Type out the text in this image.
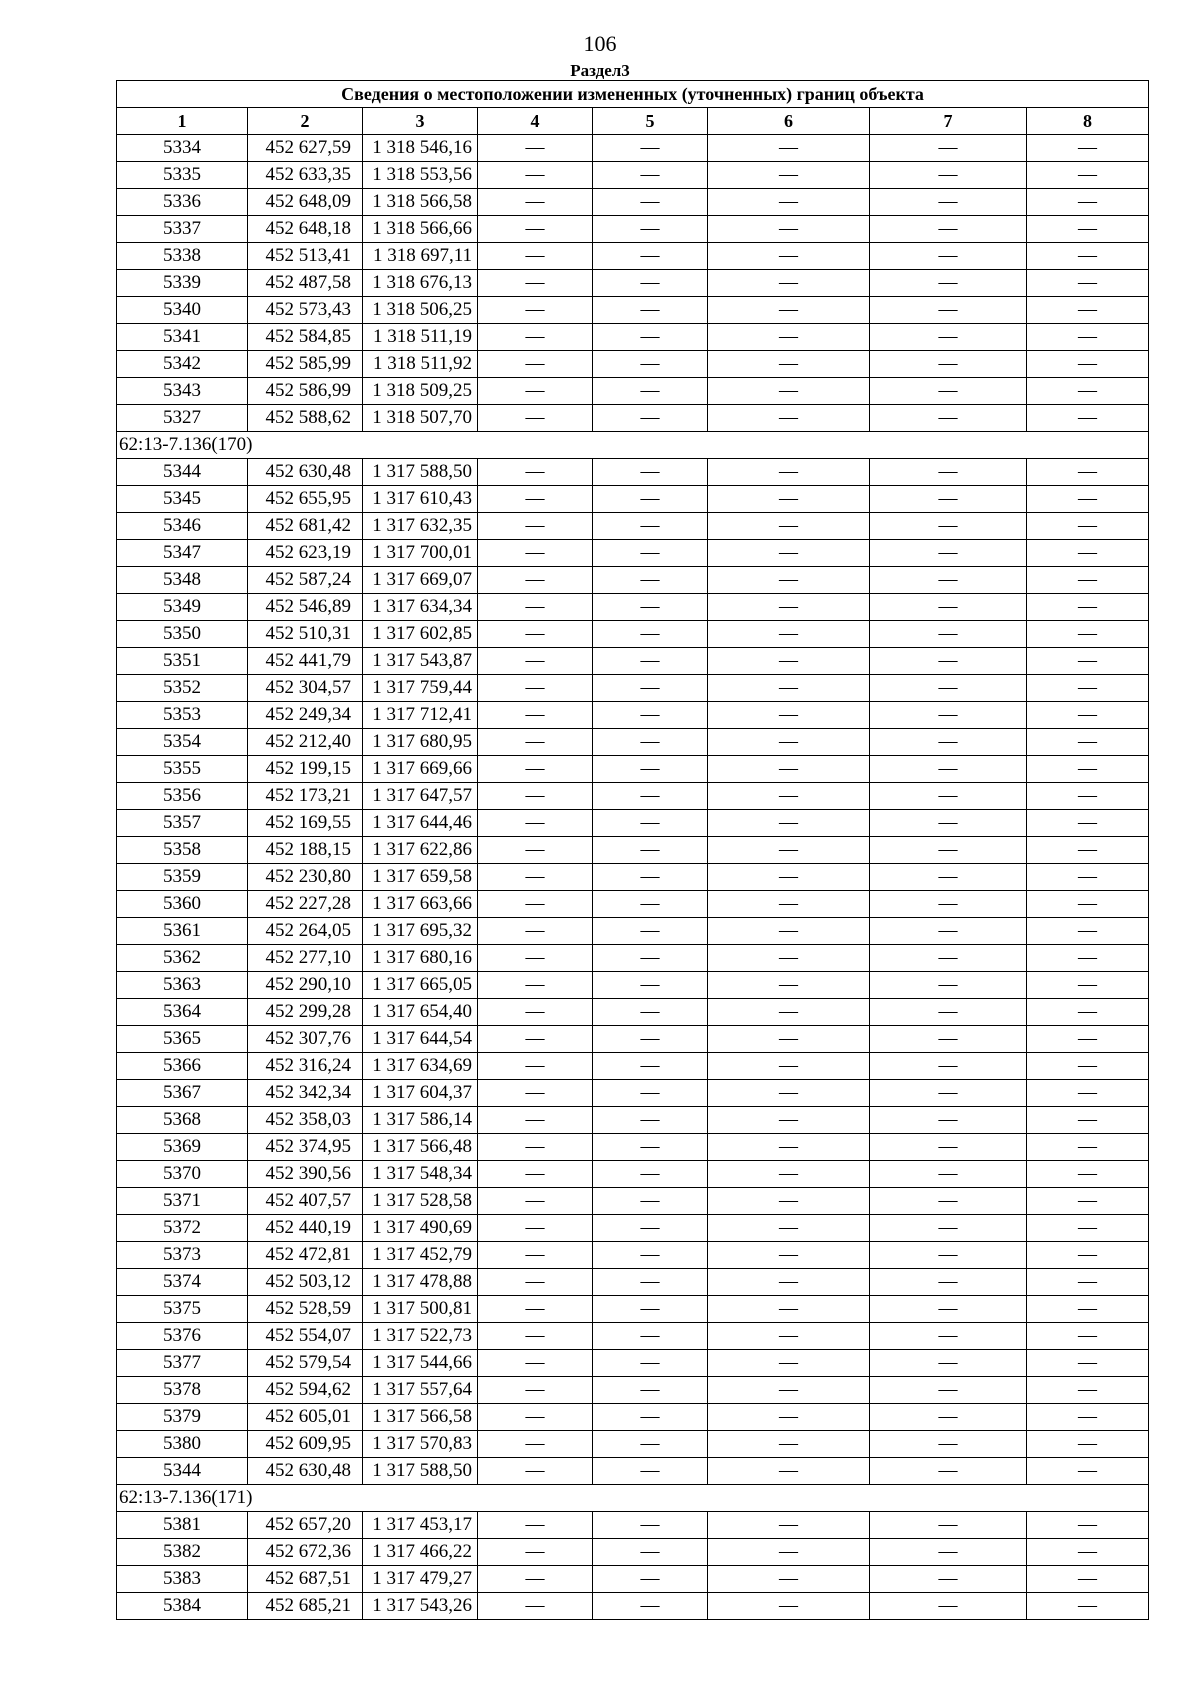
106
Раздел3
Сведения о местоположении измененных (уточненных) границ объекта							
1	2	3	4	5	6	7	8
5334	452 627,59	1 318 546,16	—	—	—	—	—
5335	452 633,35	1 318 553,56	—	—	—	—	—
5336	452 648,09	1 318 566,58	—	—	—	—	—
5337	452 648,18	1 318 566,66	—	—	—	—	—
5338	452 513,41	1 318 697,11	—	—	—	—	—
5339	452 487,58	1 318 676,13	—	—	—	—	—
5340	452 573,43	1 318 506,25	—	—	—	—	—
5341	452 584,85	1 318 511,19	—	—	—	—	—
5342	452 585,99	1 318 511,92	—	—	—	—	—
5343	452 586,99	1 318 509,25	—	—	—	—	—
5327	452 588,62	1 318 507,70	—	—	—	—	—
62:13-7.136(170)							
5344	452 630,48	1 317 588,50	—	—	—	—	—
5345	452 655,95	1 317 610,43	—	—	—	—	—
5346	452 681,42	1 317 632,35	—	—	—	—	—
5347	452 623,19	1 317 700,01	—	—	—	—	—
5348	452 587,24	1 317 669,07	—	—	—	—	—
5349	452 546,89	1 317 634,34	—	—	—	—	—
5350	452 510,31	1 317 602,85	—	—	—	—	—
5351	452 441,79	1 317 543,87	—	—	—	—	—
5352	452 304,57	1 317 759,44	—	—	—	—	—
5353	452 249,34	1 317 712,41	—	—	—	—	—
5354	452 212,40	1 317 680,95	—	—	—	—	—
5355	452 199,15	1 317 669,66	—	—	—	—	—
5356	452 173,21	1 317 647,57	—	—	—	—	—
5357	452 169,55	1 317 644,46	—	—	—	—	—
5358	452 188,15	1 317 622,86	—	—	—	—	—
5359	452 230,80	1 317 659,58	—	—	—	—	—
5360	452 227,28	1 317 663,66	—	—	—	—	—
5361	452 264,05	1 317 695,32	—	—	—	—	—
5362	452 277,10	1 317 680,16	—	—	—	—	—
5363	452 290,10	1 317 665,05	—	—	—	—	—
5364	452 299,28	1 317 654,40	—	—	—	—	—
5365	452 307,76	1 317 644,54	—	—	—	—	—
5366	452 316,24	1 317 634,69	—	—	—	—	—
5367	452 342,34	1 317 604,37	—	—	—	—	—
5368	452 358,03	1 317 586,14	—	—	—	—	—
5369	452 374,95	1 317 566,48	—	—	—	—	—
5370	452 390,56	1 317 548,34	—	—	—	—	—
5371	452 407,57	1 317 528,58	—	—	—	—	—
5372	452 440,19	1 317 490,69	—	—	—	—	—
5373	452 472,81	1 317 452,79	—	—	—	—	—
5374	452 503,12	1 317 478,88	—	—	—	—	—
5375	452 528,59	1 317 500,81	—	—	—	—	—
5376	452 554,07	1 317 522,73	—	—	—	—	—
5377	452 579,54	1 317 544,66	—	—	—	—	—
5378	452 594,62	1 317 557,64	—	—	—	—	—
5379	452 605,01	1 317 566,58	—	—	—	—	—
5380	452 609,95	1 317 570,83	—	—	—	—	—
5344	452 630,48	1 317 588,50	—	—	—	—	—
62:13-7.136(171)							
5381	452 657,20	1 317 453,17	—	—	—	—	—
5382	452 672,36	1 317 466,22	—	—	—	—	—
5383	452 687,51	1 317 479,27	—	—	—	—	—
5384	452 685,21	1 317 543,26	—	—	—	—	—
